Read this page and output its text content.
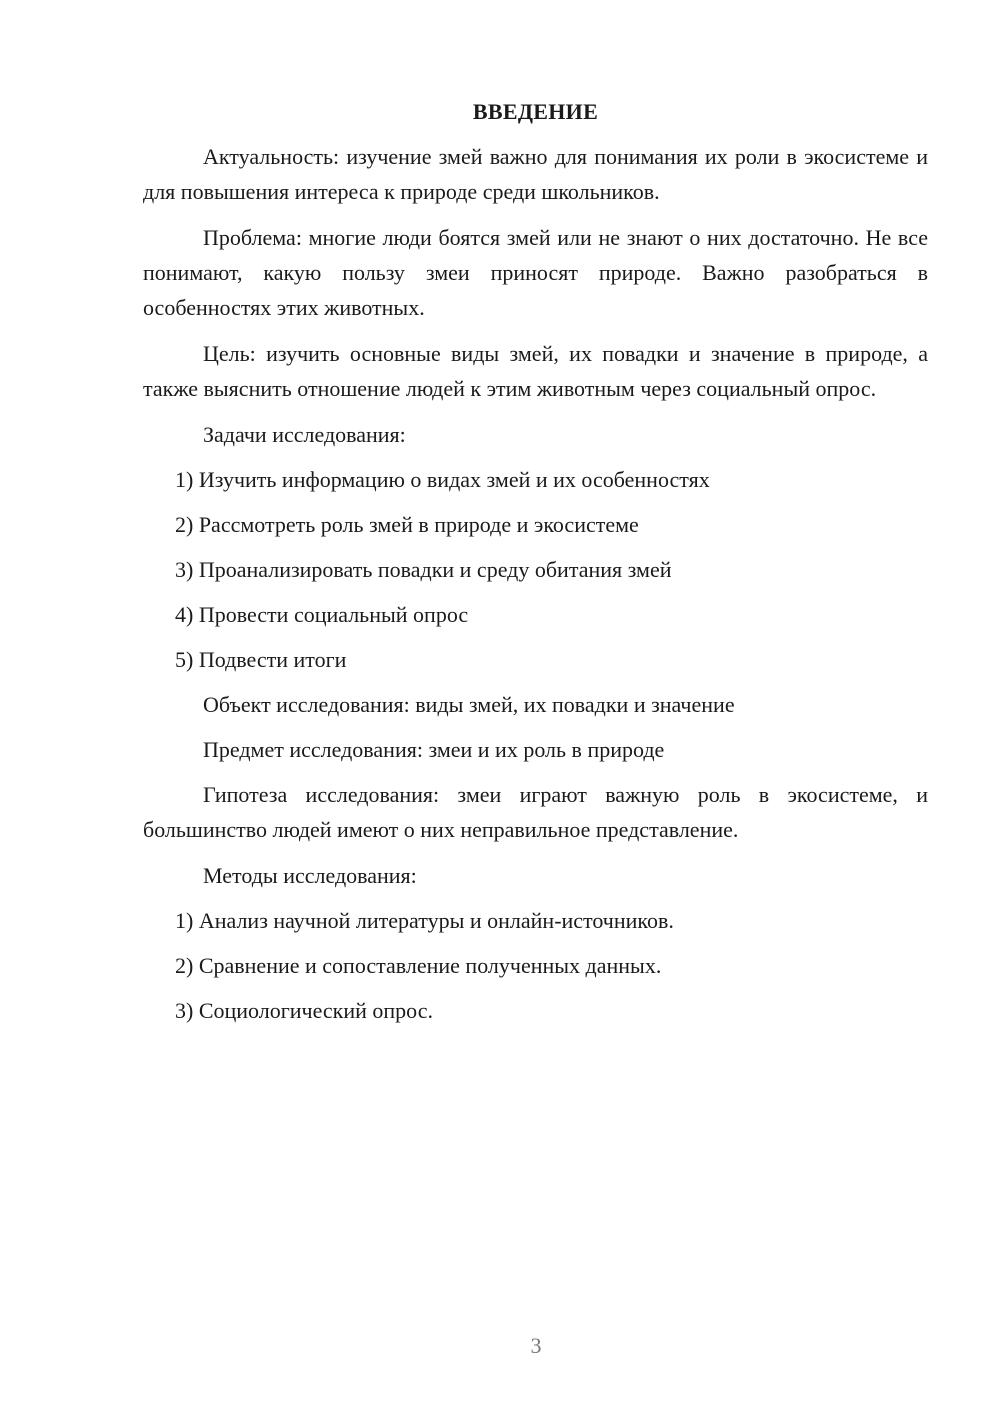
ВВЕДЕНИЕ

Актуальность: изучение змей важно для понимания их роли в экосистеме и для повышения интереса к природе среди школьников.

Проблема: многие люди боятся змей или не знают о них достаточно. Не все понимают, какую пользу змеи приносят природе. Важно разобраться в особенностях этих животных.

Цель: изучить основные виды змей, их повадки и значение в природе, а также выяснить отношение людей к этим животным через социальный опрос.

Задачи исследования:

1) Изучить информацию о видах змей и их особенностях
2) Рассмотреть роль змей в природе и экосистеме
3) Проанализировать повадки и среду обитания змей
4) Провести социальный опрос
5) Подвести итоги

Объект исследования: виды змей, их повадки и значение

Предмет исследования: змеи и их роль в природе

Гипотеза исследования: змеи играют важную роль в экосистеме, и большинство людей имеют о них неправильное представление.

Методы исследования:

1) Анализ научной литературы и онлайн-источников.
2) Сравнение и сопоставление полученных данных.
3) Социологический опрос.
3
